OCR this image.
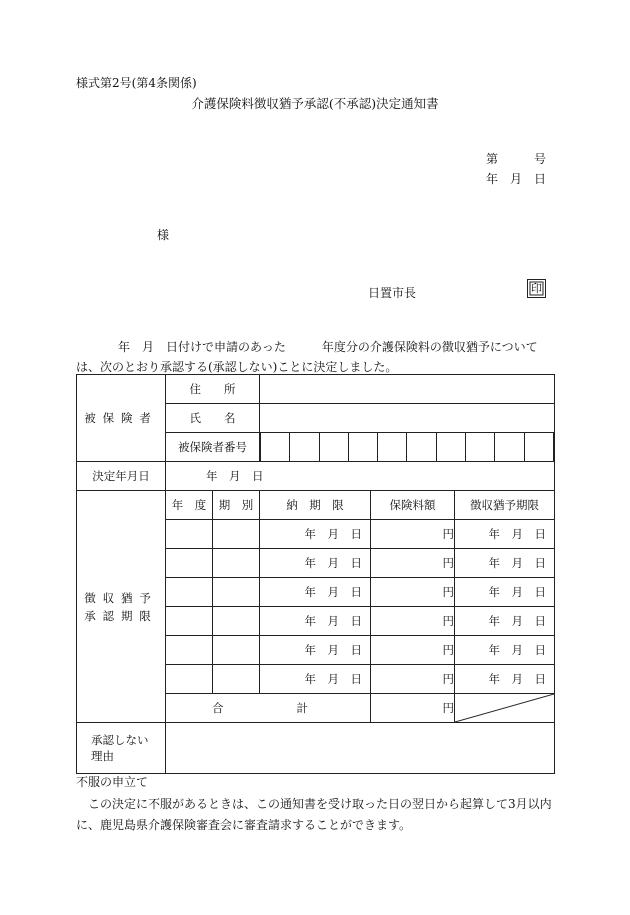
様式第2号(第4条関係)
介護保険料徴収猶予承認(不承認)決定通知書
第　　　号
年　月　日
様
日置市長	印
年　月　日付けで申請のあった　　　年度分の介護保険料の徴収猶予について
は、次のとおり承認する(承認しない)ことに決定しました。
被保険者	住　　所				
	氏　　名				
	被保険者番号				

決定年月日	年　月　日				
徴収猶予
承認期限	年　度	期　別	納　期　限	保険料額	徴収猶予期限
			年　月　日	円	年　月　日
			年　月　日	円	年　月　日
			年　月　日	円	年　月　日
			年　月　日	円	年　月　日
			年　月　日	円	年　月　日
			年　月　日	円	年　月　日

	合 計			円	

承認しない
理由					
不服の申立て
この決定に不服があるときは、この通知書を受け取った日の翌日から起算して3月以内
に、鹿児島県介護保険審査会に審査請求することができます。
